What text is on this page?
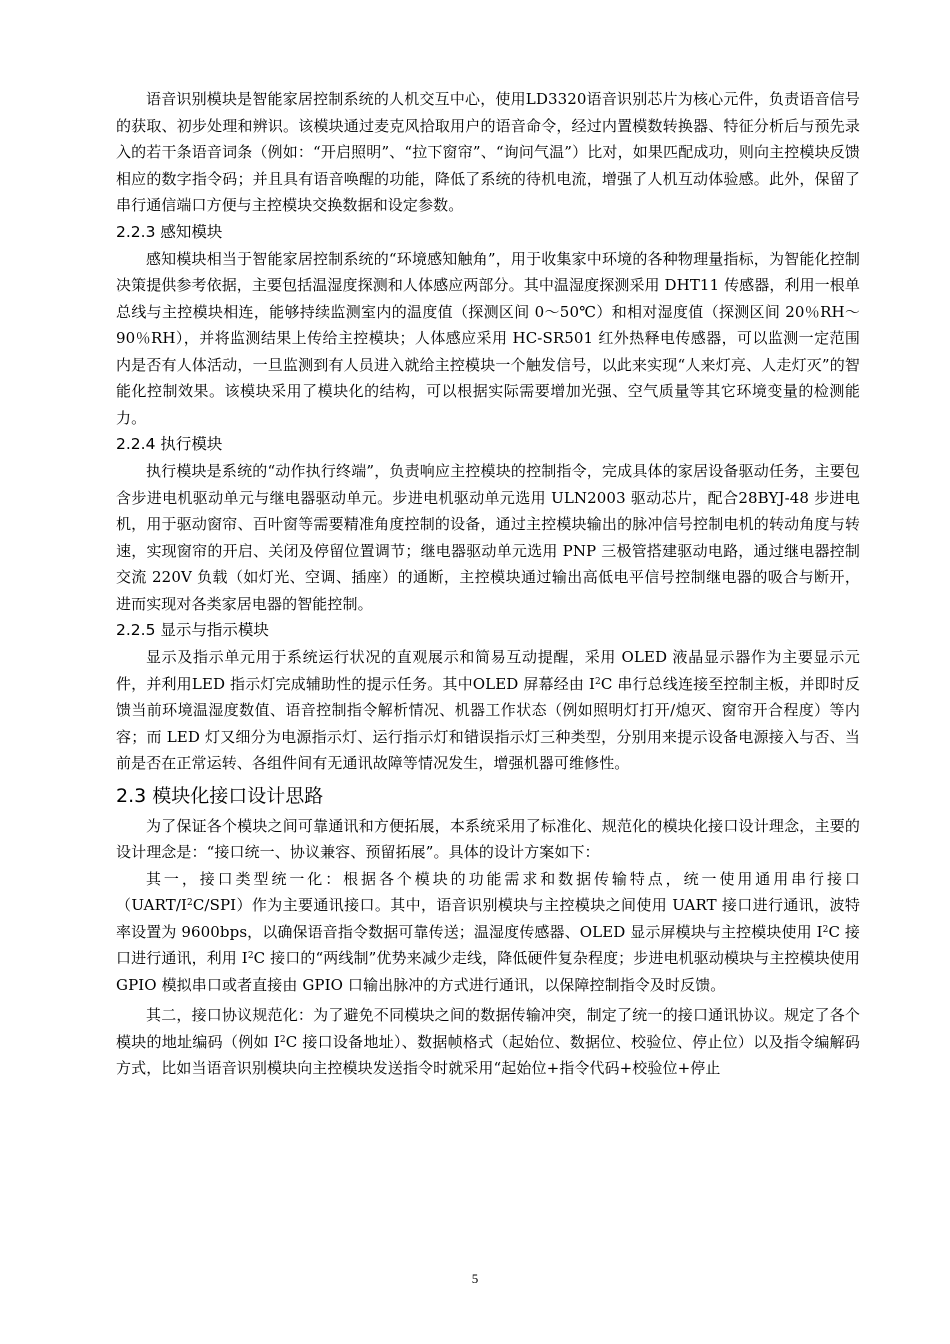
语音识别模块是智能家居控制系统的人机交互中心，使用LD3320语音识别芯片为核心元件，负责语音信号的获取、初步处理和辨识。该模块通过麦克风拾取用户的语音命令，经过内置模数转换器、特征分析后与预先录入的若干条语音词条（例如：“开启照明”、“拉下窗帘”、“询问气温”）比对，如果匹配成功，则向主控模块反馈相应的数字指令码；并且具有语音唤醒的功能，降低了系统的待机电流，增强了人机互动体验感。此外，保留了串行通信端口方便与主控模块交换数据和设定参数。

2.2.3 感知模块

感知模块相当于智能家居控制系统的“环境感知触角”，用于收集家中环境的各种物理量指标，为智能化控制决策提供参考依据，主要包括温湿度探测和人体感应两部分。其中温湿度探测采用 DHT11 传感器，利用一根单总线与主控模块相连，能够持续监测室内的温度值（探测区间 0～50℃）和相对湿度值（探测区间 20％RH～90％RH），并将监测结果上传给主控模块；人体感应采用 HC-SR501 红外热释电传感器，可以监测一定范围内是否有人体活动，一旦监测到有人员进入就给主控模块一个触发信号，以此来实现“人来灯亮、人走灯灭”的智能化控制效果。该模块采用了模块化的结构，可以根据实际需要增加光强、空气质量等其它环境变量的检测能力。

2.2.4 执行模块

执行模块是系统的“动作执行终端”，负责响应主控模块的控制指令，完成具体的家居设备驱动任务，主要包含步进电机驱动单元与继电器驱动单元。步进电机驱动单元选用 ULN2003 驱动芯片，配合28BYJ-48 步进电机，用于驱动窗帘、百叶窗等需要精准角度控制的设备，通过主控模块输出的脉冲信号控制电机的转动角度与转速，实现窗帘的开启、关闭及停留位置调节；继电器驱动单元选用 PNP 三极管搭建驱动电路，通过继电器控制交流 220V 负载（如灯光、空调、插座）的通断，主控模块通过输出高低电平信号控制继电器的吸合与断开，进而实现对各类家居电器的智能控制。

2.2.5 显示与指示模块

显示及指示单元用于系统运行状况的直观展示和简易互动提醒，采用 OLED 液晶显示器作为主要显示元件，并利用LED 指示灯完成辅助性的提示任务。其中OLED 屏幕经由 $I^2C$ 串行总线连接至控制主板，并即时反馈当前环境温湿度数值、语音控制指令解析情况、机器工作状态（例如照明灯打开/熄灭、窗帘开合程度）等内容；而 LED 灯又细分为电源指示灯、运行指示灯和错误指示灯三种类型，分别用来提示设备电源接入与否、当前是否在正常运转、各组件间有无通讯故障等情况发生，增强机器可维修性。

2.3 模块化接口设计思路

为了保证各个模块之间可靠通讯和方便拓展，本系统采用了标准化、规范化的模块化接口设计理念，主要的设计理念是：“接口统一、协议兼容、预留拓展”。具体的设计方案如下：

其一，接口类型统一化：根据各个模块的功能需求和数据传输特点，统一使用通用串行接口$(UART/I^2C/SPI)$作为主要通讯接口。其中，语音识别模块与主控模块之间使用 UART 接口进行通讯，波特率设置为 9600bps，以确保语音指令数据可靠传送；温湿度传感器、OLED 显示屏模块与主控模块使用 $I^2C$ 接口进行通讯，利用 $I^2C$ 接口的“两线制”优势来减少走线，降低硬件复杂程度；步进电机驱动模块与主控模块使用 GPIO 模拟串口或者直接由 GPIO 口输出脉冲的方式进行通讯，以保障控制指令及时反馈。

其二，接口协议规范化：为了避免不同模块之间的数据传输冲突，制定了统一的接口通讯协议。规定了各个模块的地址编码（例如 $I^2C$ 接口设备地址）、数据帧格式（起始位、数据位、校验位、停止位）以及指令编解码方式，比如当语音识别模块向主控模块发送指令时就采用“起始位+指令代码+校验位+停止

5
